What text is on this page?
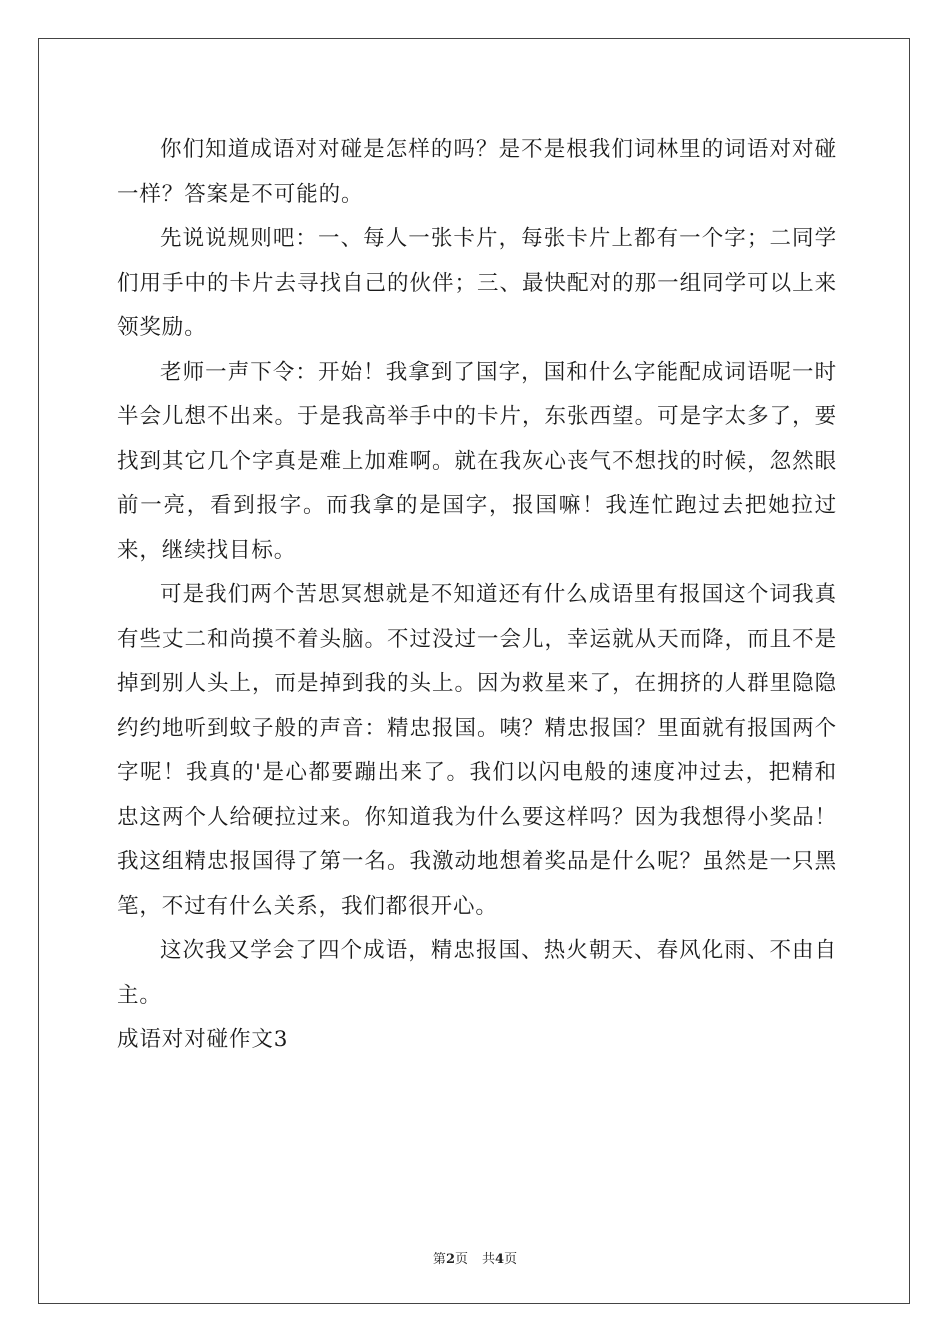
你们知道成语对对碰是怎样的吗？是不是根我们词林里的词语对对碰一样？答案是不可能的。

先说说规则吧：一、每人一张卡片，每张卡片上都有一个字；二同学们用手中的卡片去寻找自己的伙伴；三、最快配对的那一组同学可以上来领奖励。

老师一声下令：开始！我拿到了国字，国和什么字能配成词语呢一时半会儿想不出来。于是我高举手中的卡片，东张西望。可是字太多了，要找到其它几个字真是难上加难啊。就在我灰心丧气不想找的时候，忽然眼前一亮，看到报字。而我拿的是国字，报国嘛！我连忙跑过去把她拉过来，继续找目标。

可是我们两个苦思冥想就是不知道还有什么成语里有报国这个词我真有些丈二和尚摸不着头脑。不过没过一会儿，幸运就从天而降，而且不是掉到别人头上，而是掉到我的头上。因为救星来了，在拥挤的人群里隐隐约约地听到蚊子般的声音：精忠报国。咦？精忠报国？里面就有报国两个字呢！我真的'是心都要蹦出来了。我们以闪电般的速度冲过去，把精和忠这两个人给硬拉过来。你知道我为什么要这样吗？因为我想得小奖品！我这组精忠报国得了第一名。我激动地想着奖品是什么呢？虽然是一只黑笔，不过有什么关系，我们都很开心。

这次我又学会了四个成语，精忠报国、热火朝天、春风化雨、不由自主。

成语对对碰作文3

第2页 共4页
